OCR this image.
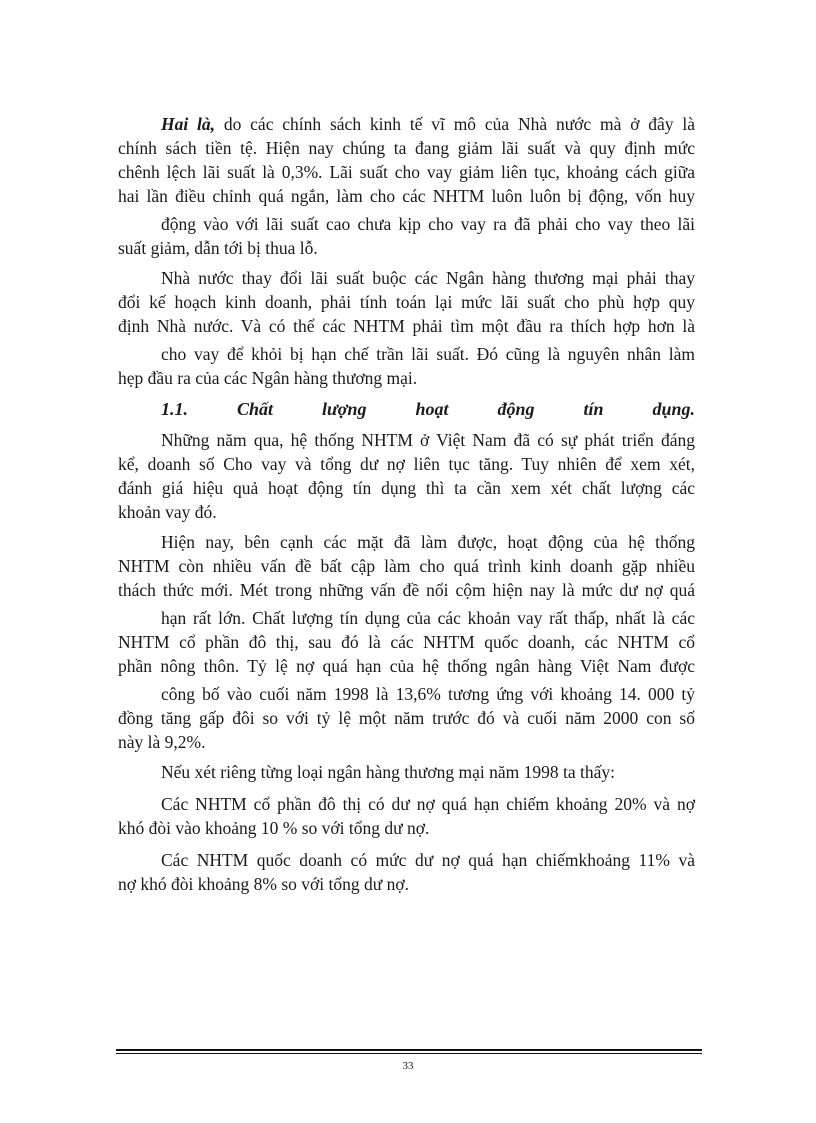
Hai là, do các chính sách kinh tế vĩ mô của Nhà nước mà ở đây là
chính sách tiền tệ. Hiện nay chúng ta đang giảm lãi suất và quy định mức
chênh lệch lãi suất là 0,3%. Lãi suất cho vay giảm liên tục, khoảng cách giữa
hai lần điều chỉnh quá ngắn, làm cho các NHTM luôn luôn bị động, vốn huy
động vào với lãi suất cao chưa kịp cho vay ra đã phải cho vay theo lãi
suất giảm, dẫn tới bị thua lỗ.
Nhà nước thay đổi lãi suất buộc các Ngân hàng thương mại phải thay
đổi kế hoạch kinh doanh, phải tính toán lại mức lãi suất cho phù hợp quy
định Nhà nước. Và có thể các NHTM phải tìm một đầu ra thích hợp hơn là
cho vay để khỏi bị hạn chế trần lãi suất. Đó cũng là nguyên nhân làm
hẹp đầu ra của các Ngân hàng thương mại.
1.1.	Chất	lượng	hoạt	động	tín	dụng.
Những năm qua, hệ thống NHTM ở Việt Nam đã có sự phát triển đáng
kể, doanh số Cho vay và tổng dư nợ liên tục tăng. Tuy nhiên để xem xét,
đánh giá hiệu quả hoạt động tín dụng thì ta cần xem xét chất lượng các
khoản vay đó.
Hiện nay, bên cạnh các mặt đã làm được, hoạt động của hệ thống
NHTM còn nhiều vấn đề bất cập làm cho quá trình kinh doanh gặp nhiều
thách thức mới. Mét trong những vấn đề nổi cộm hiện nay là mức dư nợ quá
hạn rất lớn. Chất lượng tín dụng của các khoản vay rất thấp, nhất là các
NHTM cổ phần đô thị, sau đó là các NHTM quốc doanh, các NHTM cổ
phần nông thôn. Tỷ lệ nợ quá hạn của hệ thống ngân hàng Việt Nam được
công bố vào cuối năm 1998 là 13,6% tương ứng với khoảng 14. 000 tỷ
đồng tăng gấp đôi so với tỷ lệ một năm trước đó và cuối năm 2000 con số
này là 9,2%.
Nếu xét riêng từng loại ngân hàng thương mại năm 1998 ta thấy:
Các NHTM cổ phần đô thị có dư nợ quá hạn chiếm khoảng 20% và nợ
khó đòi vào khoảng 10 % so với tổng dư nợ.
Các NHTM quốc doanh có mức dư nợ quá hạn chiếmkhoảng 11% và
nợ khó đòi khoảng 8% so với tổng dư nợ.
33
